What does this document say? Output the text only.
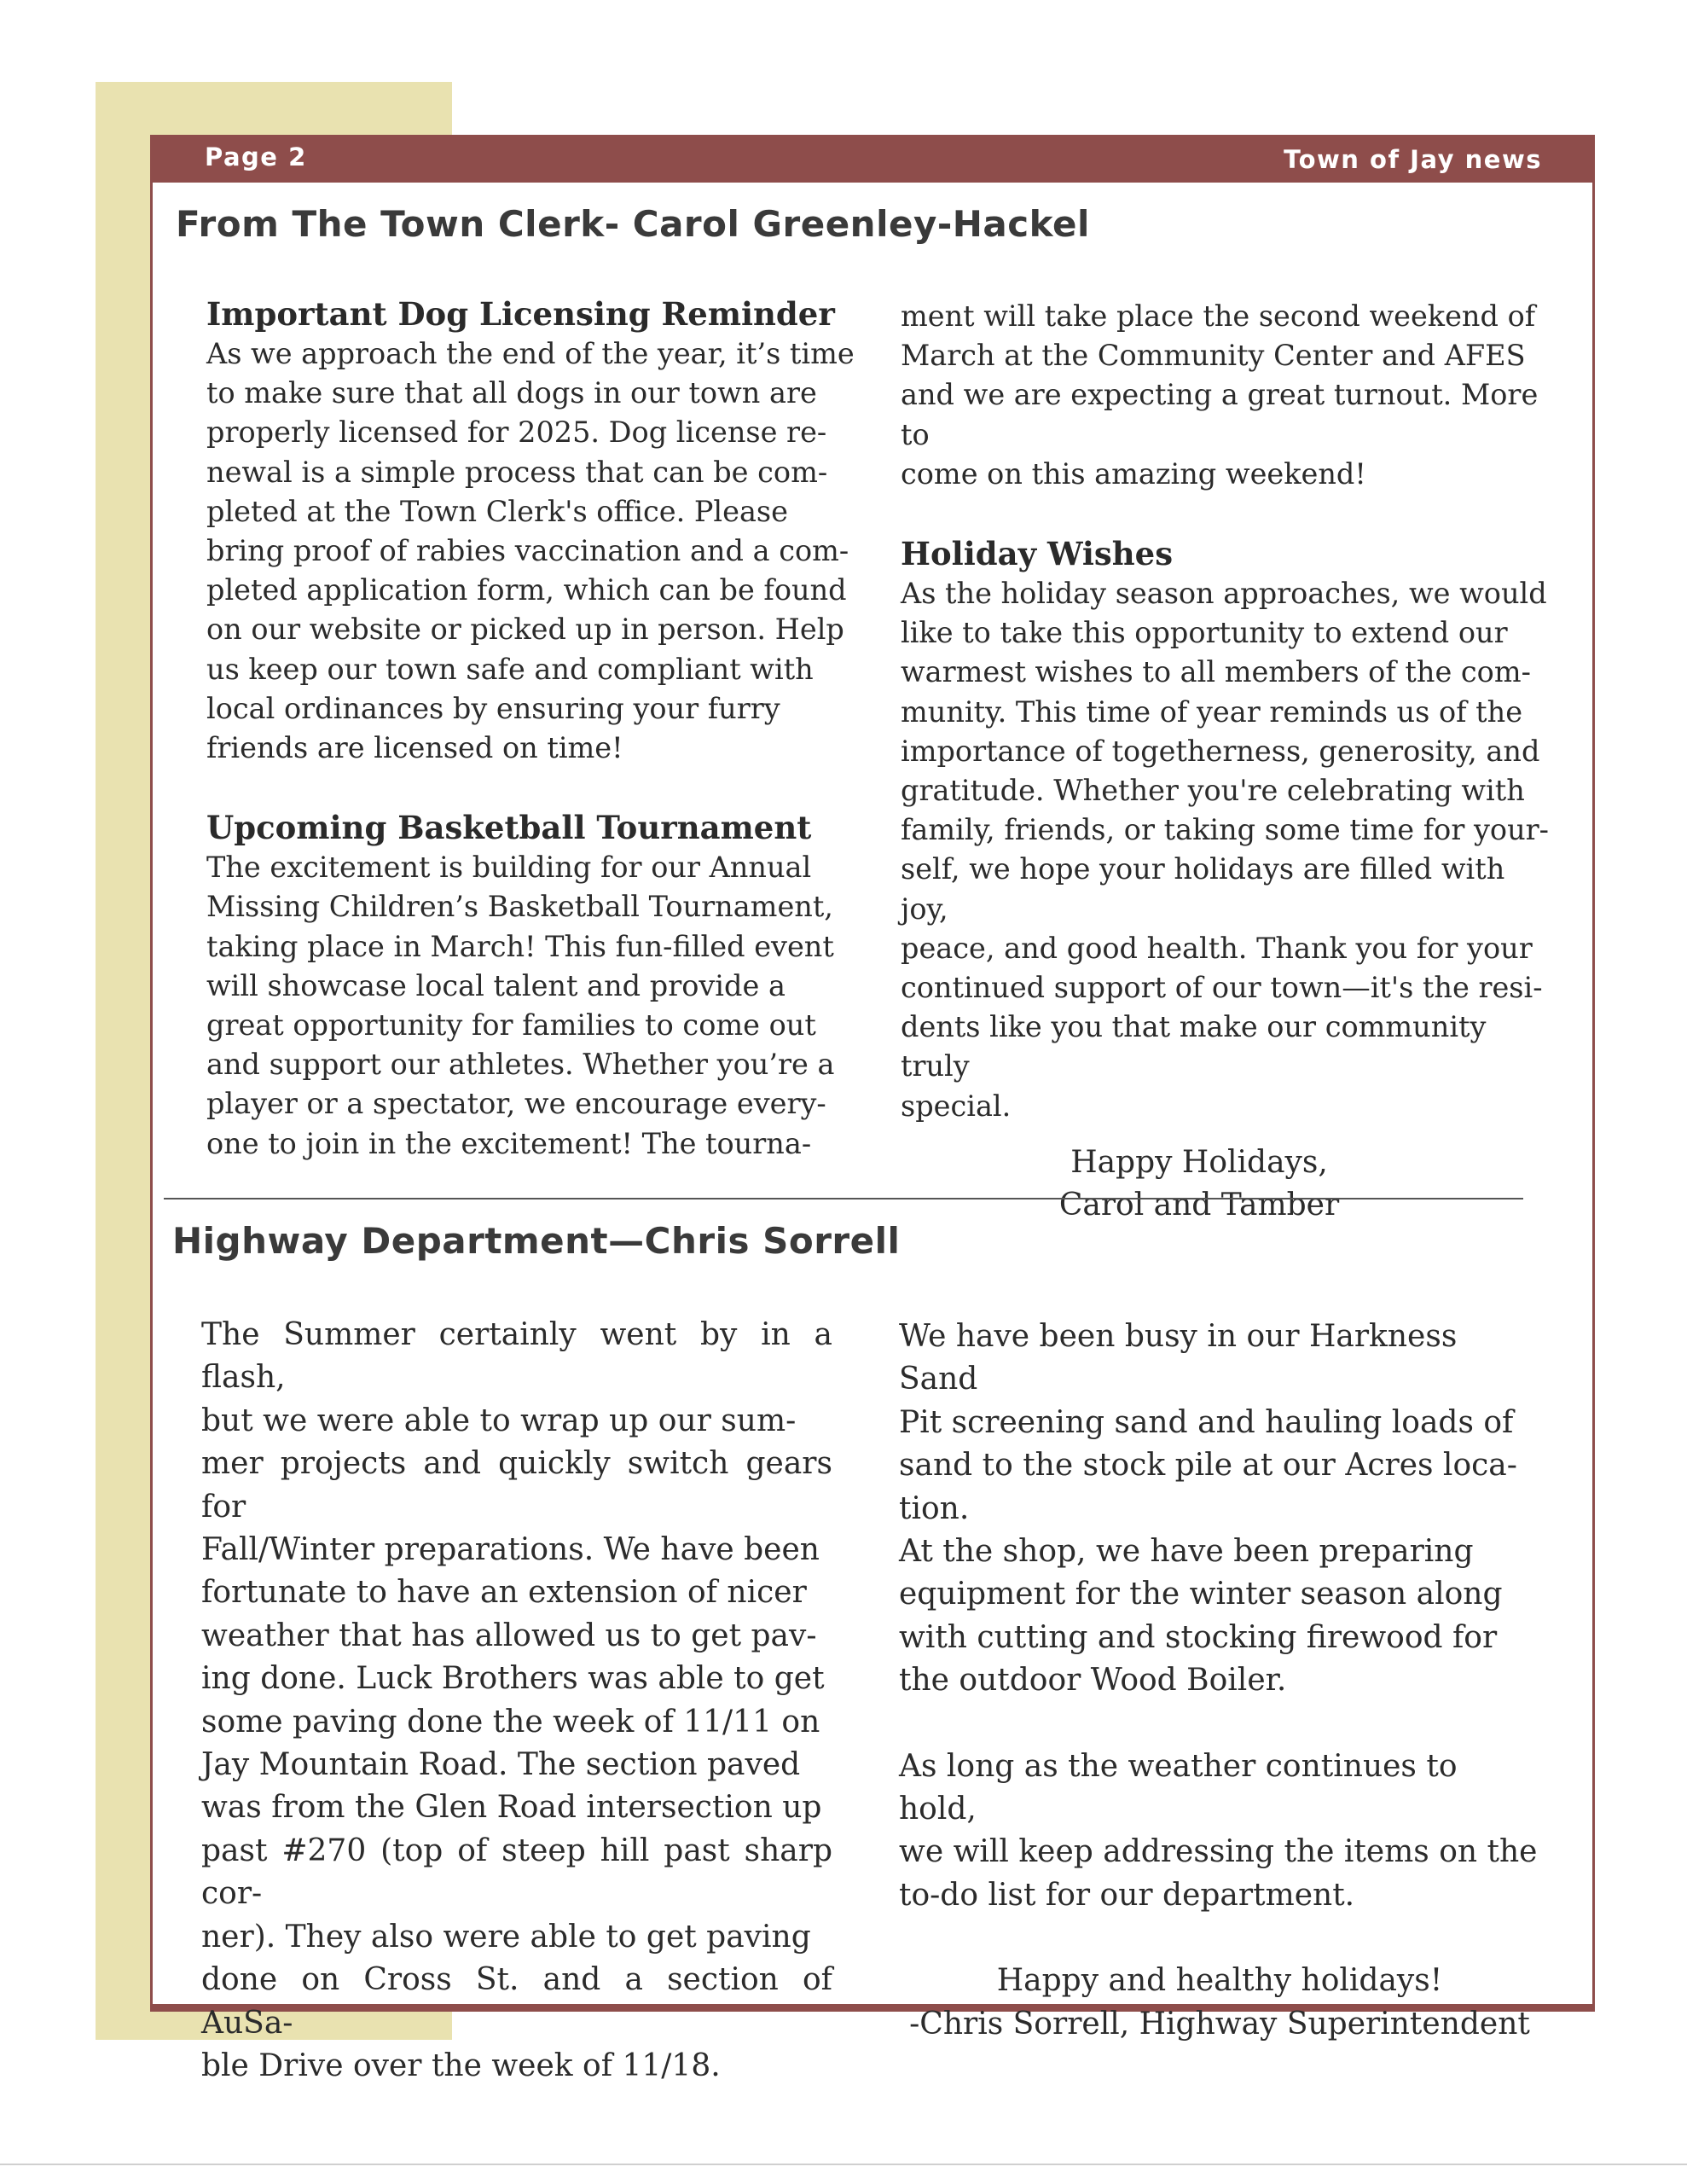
Page 2	Town of Jay news
From The Town Clerk- Carol Greenley-Hackel
Important Dog Licensing Reminder

As we approach the end of the year, it’s time
to make sure that all dogs in our town are
properly licensed for 2025. Dog license re-
newal is a simple process that can be com-
pleted at the Town Clerk's office. Please
bring proof of rabies vaccination and a com-
pleted application form, which can be found
on our website or picked up in person. Help
us keep our town safe and compliant with
local ordinances by ensuring your furry
friends are licensed on time!

Upcoming Basketball Tournament

The excitement is building for our Annual
Missing Children’s Basketball Tournament,
taking place in March! This fun-filled event
will showcase local talent and provide a
great opportunity for families to come out
and support our athletes. Whether you’re a
player or a spectator, we encourage every-
one to join in the excitement! The tourna-

ment will take place the second weekend of
March at the Community Center and AFES
and we are expecting a great turnout. More to
come on this amazing weekend!

Holiday Wishes

As the holiday season approaches, we would
like to take this opportunity to extend our
warmest wishes to all members of the com-
munity. This time of year reminds us of the
importance of togetherness, generosity, and
gratitude. Whether you're celebrating with
family, friends, or taking some time for your-
self, we hope your holidays are filled with joy,
peace, and good health. Thank you for your
continued support of our town—it's the resi-
dents like you that make our community truly
special.

Happy Holidays,
Carol and Tamber
Highway Department—Chris Sorrell

The Summer certainly went by in a flash,
but we were able to wrap up our sum-
mer projects and quickly switch gears for
Fall/Winter preparations. We have been
fortunate to have an extension of nicer
weather that has allowed us to get pav-
ing done. Luck Brothers was able to get
some paving done the week of 11/11 on
Jay Mountain Road. The section paved
was from the Glen Road intersection up
past #270 (top of steep hill past sharp cor-
ner). They also were able to get paving
done on Cross St. and a section of AuSa-
ble Drive over the week of 11/18.

We have been busy in our Harkness Sand
Pit screening sand and hauling loads of
sand to the stock pile at our Acres loca-
tion.

At the shop, we have been preparing
equipment for the winter season along
with cutting and stocking firewood for
the outdoor Wood Boiler.

As long as the weather continues to hold,
we will keep addressing the items on the
to-do list for our department.

Happy and healthy holidays!
-Chris Sorrell, Highway Superintendent
